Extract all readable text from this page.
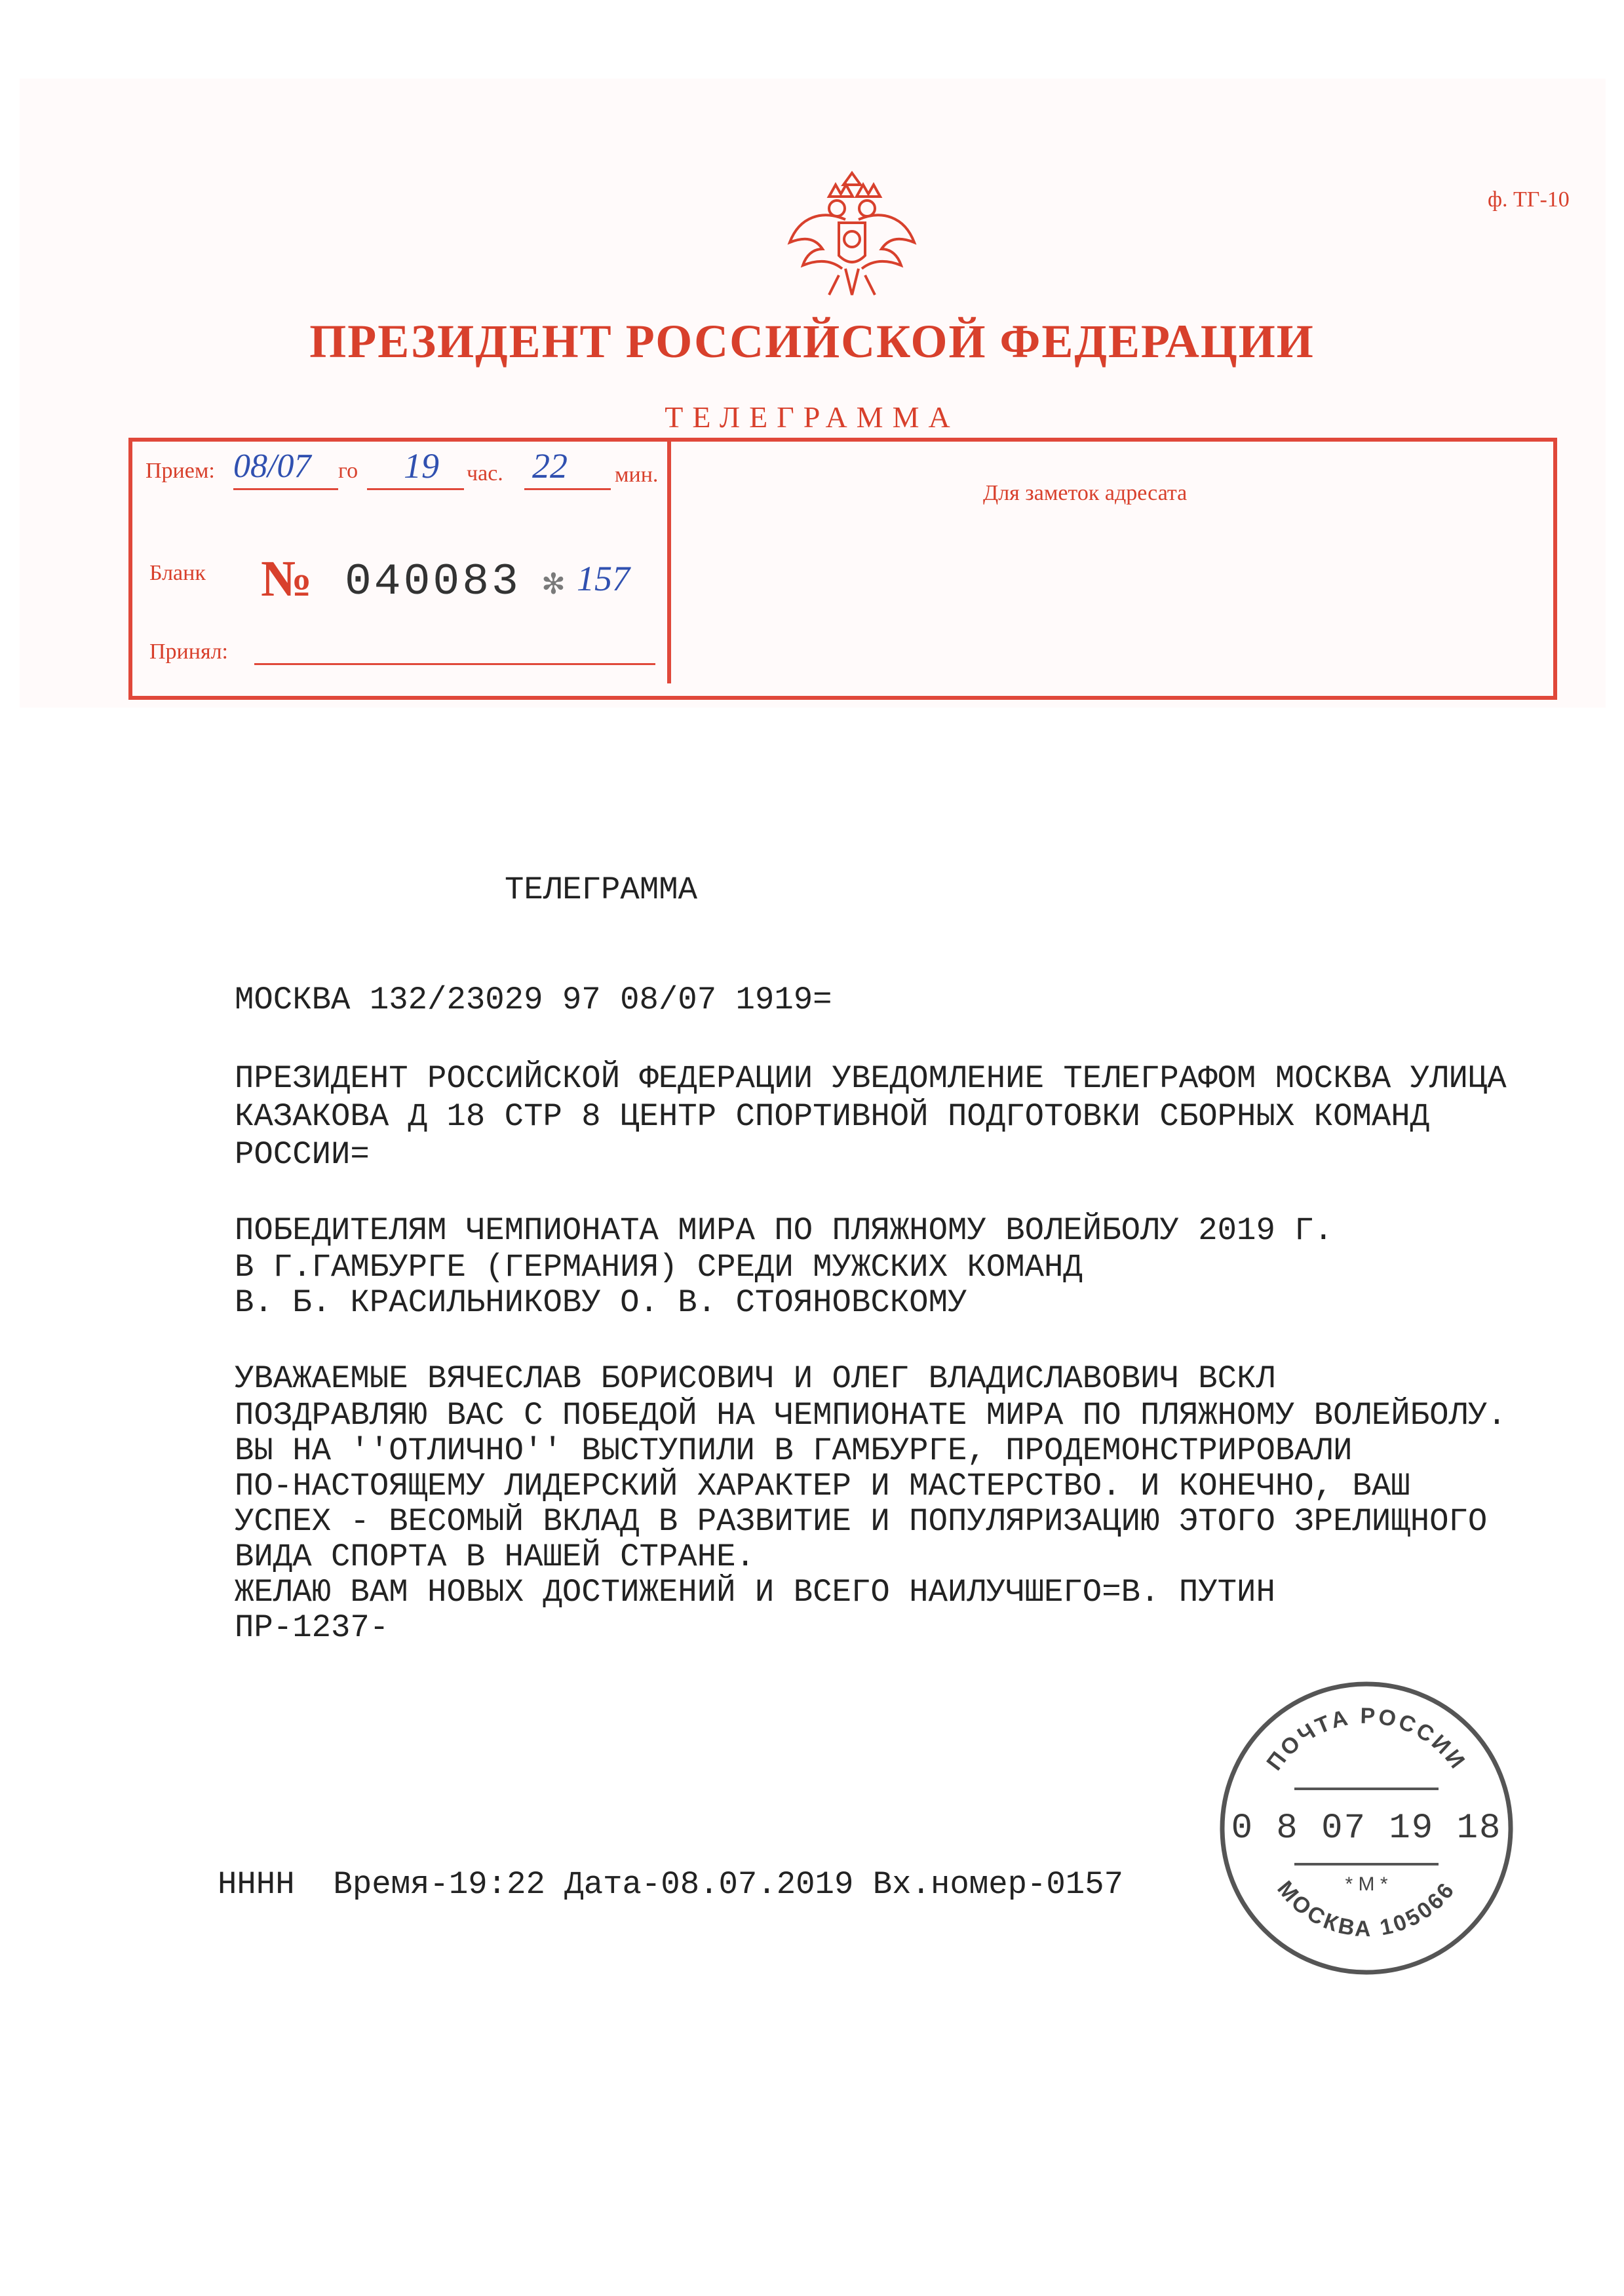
ф. ТГ-10
ПРЕЗИДЕНТ РОССИЙСКОЙ ФЕДЕРАЦИИ
ТЕЛЕГРАММА
Прием: 08/07 го 19 час. 22 мин.
Бланк № 040083 ✻ 157
Принял:
Для заметок адресата
ТЕЛЕГРАММА
МОСКВА 132/23029 97 08/07 1919=
ПРЕЗИДЕНТ РОССИЙСКОЙ ФЕДЕРАЦИИ УВЕДОМЛЕНИЕ ТЕЛЕГРАФОМ МОСКВА УЛИЦА
КАЗАКОВА Д 18 СТР 8 ЦЕНТР СПОРТИВНОЙ ПОДГОТОВКИ СБОРНЫХ КОМАНД
РОССИИ=
ПОБЕДИТЕЛЯМ ЧЕМПИОНАТА МИРА ПО ПЛЯЖНОМУ ВОЛЕЙБОЛУ 2019 Г.
В Г.ГАМБУРГЕ (ГЕРМАНИЯ) СРЕДИ МУЖСКИХ КОМАНД
В. Б. КРАСИЛЬНИКОВУ О. В. СТОЯНОВСКОМУ
УВАЖАЕМЫЕ ВЯЧЕСЛАВ БОРИСОВИЧ И ОЛЕГ ВЛАДИСЛАВОВИЧ ВСКЛ
ПОЗДРАВЛЯЮ ВАС С ПОБЕДОЙ НА ЧЕМПИОНАТЕ МИРА ПО ПЛЯЖНОМУ ВОЛЕЙБОЛУ.
ВЫ НА ''ОТЛИЧНО'' ВЫСТУПИЛИ В ГАМБУРГЕ, ПРОДЕМОНСТРИРОВАЛИ
ПО-НАСТОЯЩЕМУ ЛИДЕРСКИЙ ХАРАКТЕР И МАСТЕРСТВО. И КОНЕЧНО, ВАШ
УСПЕХ - ВЕСОМЫЙ ВКЛАД В РАЗВИТИЕ И ПОПУЛЯРИЗАЦИЮ ЭТОГО ЗРЕЛИЩНОГО
ВИДА СПОРТА В НАШЕЙ СТРАНЕ.
ЖЕЛАЮ ВАМ НОВЫХ ДОСТИЖЕНИЙ И ВСЕГО НАИЛУЧШЕГО=В. ПУТИН
ПР-1237-
НННН  Время-19:22 Дата-08.07.2019 Вх.номер-0157
ПОЧТА РОССИИ
* М *
МОСКВА 105066
0 8 07 19 18
